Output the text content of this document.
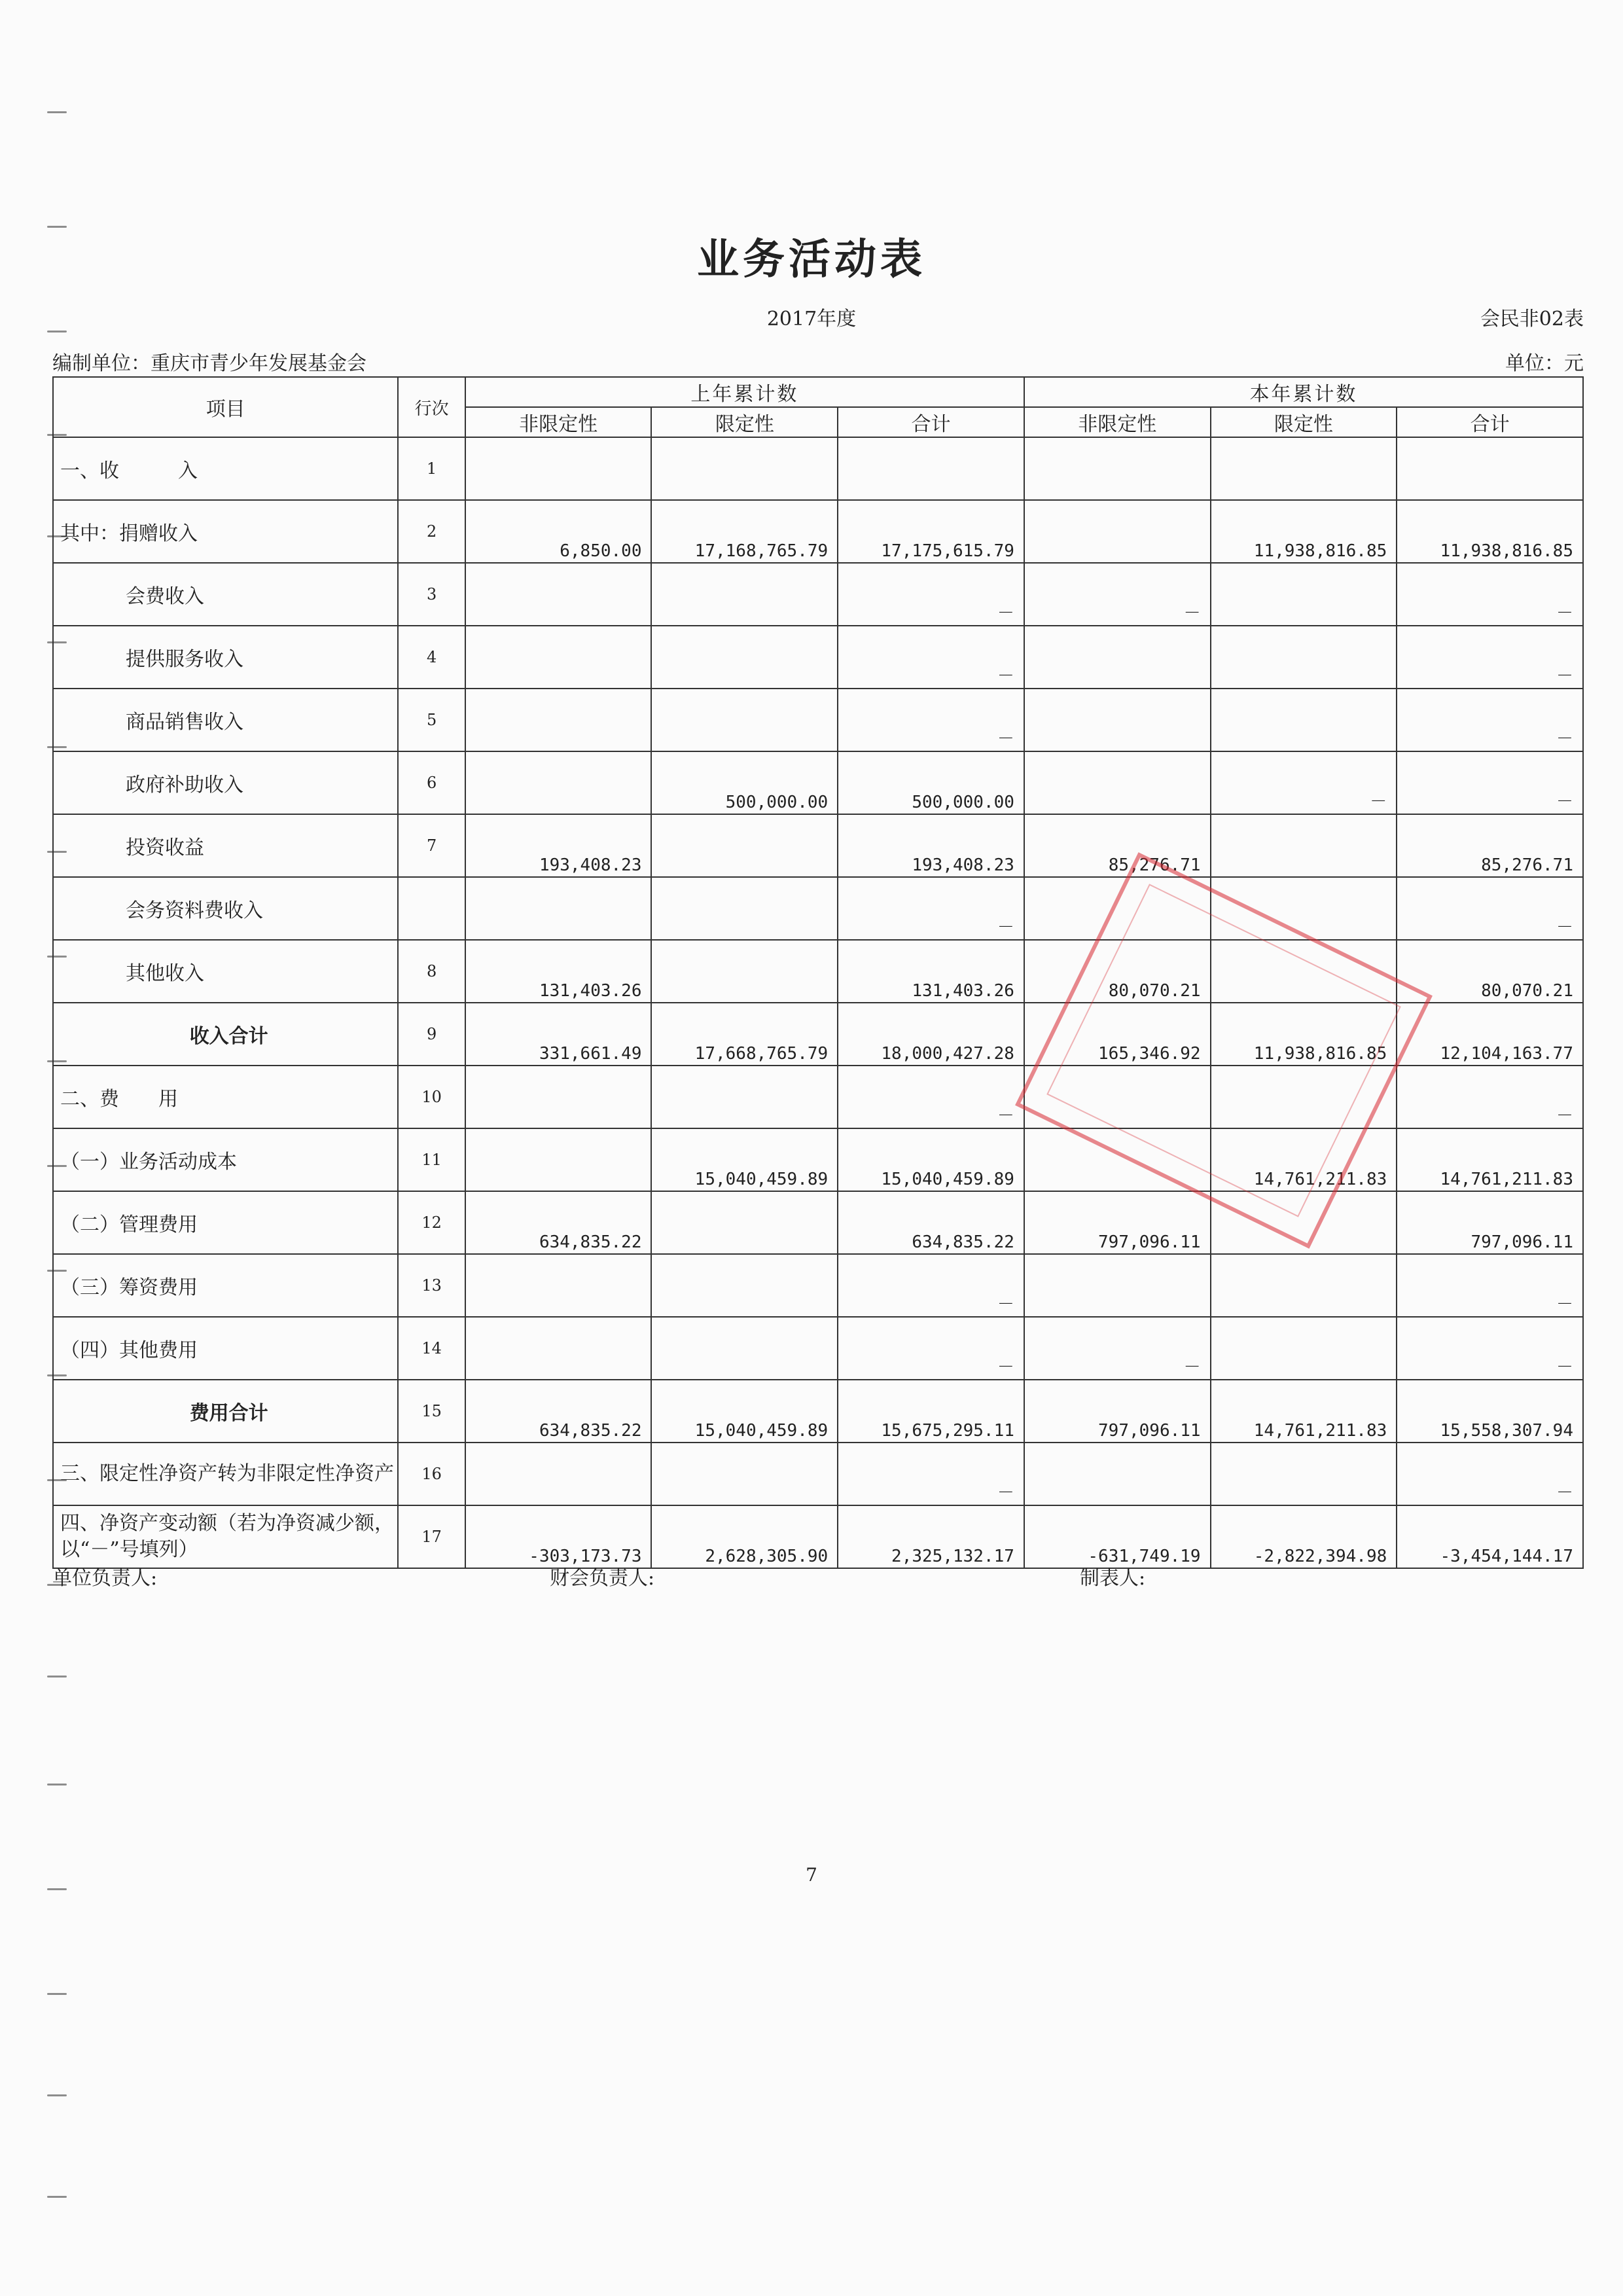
业务活动表
2017年度	会民非02表
编制单位：重庆市青少年发展基金会	单位：元
项目	行次	上年累计数			本年累计数		
		非限定性	限定性	合计	非限定性	限定性	合计
一、收　　　入	1						
其中：捐赠收入	2	6,850.00	17,168,765.79	17,175,615.79		11,938,816.85	11,938,816.85
会费收入	3			－	－		－
提供服务收入	4			－			－
商品销售收入	5			－			－
政府补助收入	6		500,000.00	500,000.00		－	－
投资收益	7	193,408.23		193,408.23	85,276.71		85,276.71
会务资料费收入				－			－
其他收入	8	131,403.26		131,403.26	80,070.21		80,070.21
收入合计	9	331,661.49	17,668,765.79	18,000,427.28	165,346.92	11,938,816.85	12,104,163.77
二、费　　用	10			－			－
（一）业务活动成本	11		15,040,459.89	15,040,459.89		14,761,211.83	14,761,211.83
（二）管理费用	12	634,835.22		634,835.22	797,096.11		797,096.11
（三）筹资费用	13			－			－
（四）其他费用	14			－	－		－
费用合计	15	634,835.22	15,040,459.89	15,675,295.11	797,096.11	14,761,211.83	15,558,307.94
三、限定性净资产转为非限定性净资产	16			－			－
四、净资产变动额（若为净资减少额，以“－”号填列）	17	-303,173.73	2,628,305.90	2,325,132.17	-631,749.19	-2,822,394.98	-3,454,144.17
单位负责人:	财会负责人:	制表人:
7
